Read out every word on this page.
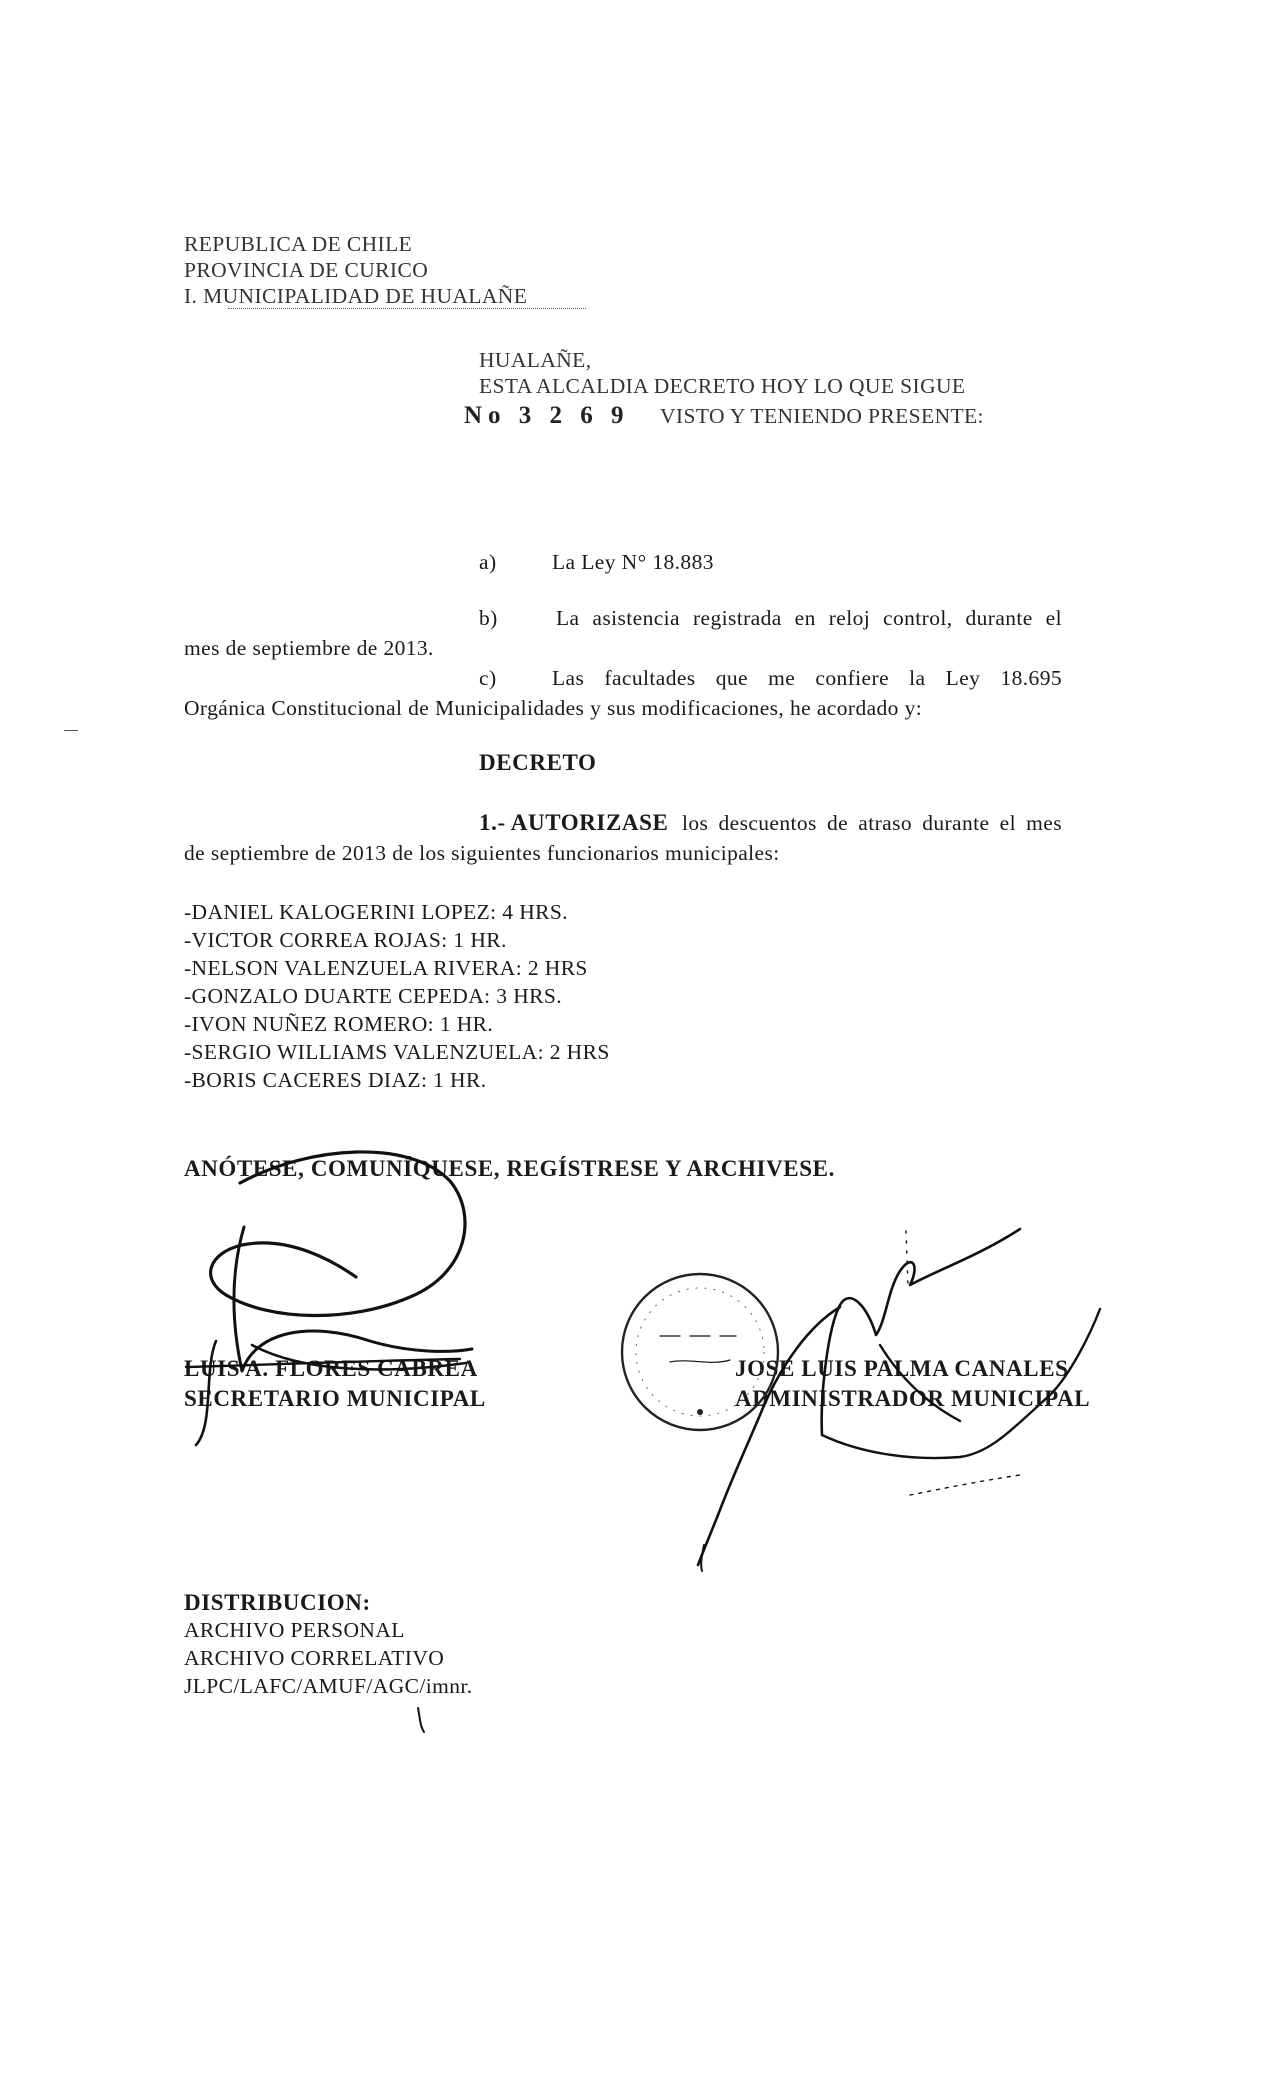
REPUBLICA DE CHILE
PROVINCIA DE CURICO
I. MUNICIPALIDAD DE HUALAÑE
HUALAÑE,
ESTA ALCALDIA DECRETO HOY LO QUE SIGUE
No 3 2 6 9 VISTO Y TENIENDO PRESENTE:
a)	La Ley N° 18.883
b)	La asistencia registrada en reloj control, durante el
mes de septiembre de 2013.
c)	Las facultades que me confiere la Ley 18.695
Orgánica Constitucional de Municipalidades y sus modificaciones, he acordado y:
DECRETO
1.- AUTORIZASE los descuentos de atraso durante el mes
de septiembre de 2013 de los siguientes funcionarios municipales:
-DANIEL KALOGERINI LOPEZ: 4 HRS.
-VICTOR CORREA ROJAS: 1 HR.
-NELSON VALENZUELA RIVERA: 2 HRS
-GONZALO DUARTE CEPEDA: 3 HRS.
-IVON NUÑEZ ROMERO: 1 HR.
-SERGIO WILLIAMS VALENZUELA: 2 HRS
-BORIS CACERES DIAZ: 1 HR.
ANÓTESE, COMUNÍQUESE, REGÍSTRESE Y ARCHIVESE.
LUIS A. FLORES CABREA
SECRETARIO MUNICIPAL
JOSE LUIS PALMA CANALES
ADMINISTRADOR MUNICIPAL
DISTRIBUCION:
ARCHIVO PERSONAL
ARCHIVO CORRELATIVO
JLPC/LAFC/AMUF/AGC/imnr.
